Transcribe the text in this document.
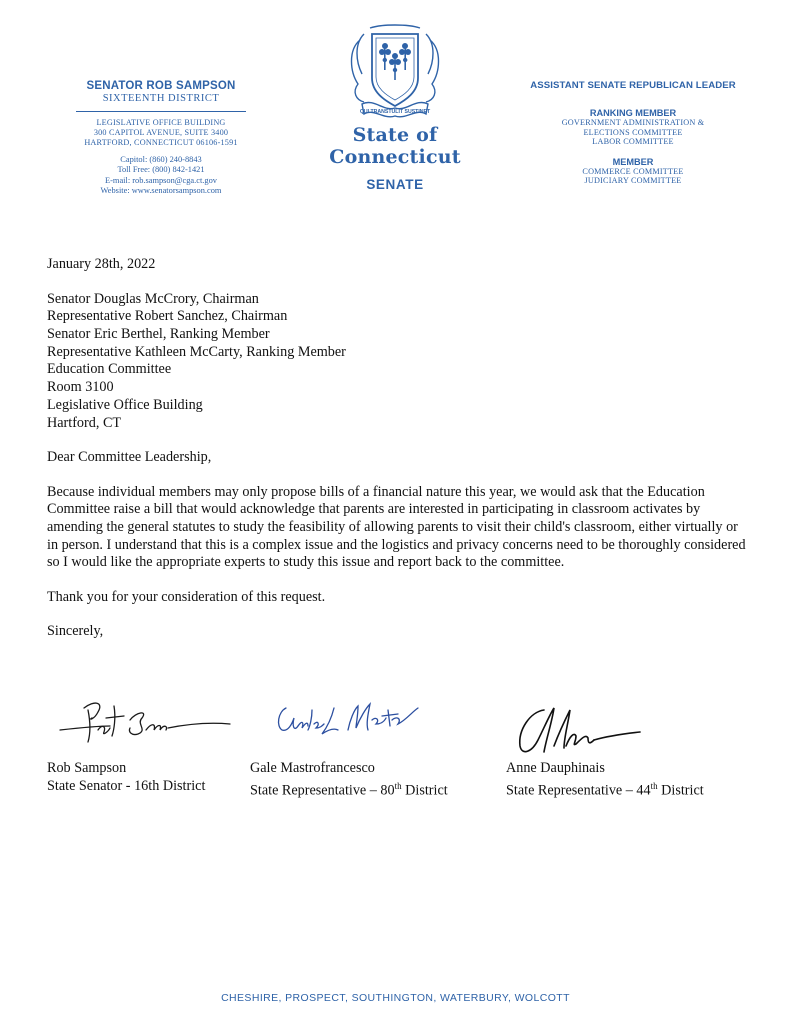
SENATOR ROB SAMPSON
SIXTEENTH DISTRICT
LEGISLATIVE OFFICE BUILDING
300 CAPITOL AVENUE, SUITE 3400
HARTFORD, CONNECTICUT 06106-1591
Capitol: (860) 240-8843
Toll Free: (800) 842-1421
E-mail: rob.sampson@cga.ct.gov
Website: www.senatorsampson.com
QUI TRANSTULIT SUSTINET
State of Connecticut
SENATE
ASSISTANT SENATE REPUBLICAN LEADER
RANKING MEMBER
GOVERNMENT ADMINISTRATION &
ELECTIONS COMMITTEE
LABOR COMMITTEE
MEMBER
COMMERCE COMMITTEE
JUDICIARY COMMITTEE

January 28th, 2022

Senator Douglas McCrory, Chairman
Representative Robert Sanchez, Chairman
Senator Eric Berthel, Ranking Member
Representative Kathleen McCarty, Ranking Member
Education Committee
Room 3100
Legislative Office Building
Hartford, CT

Dear Committee Leadership,

Because individual members may only propose bills of a financial nature this year, we would ask that the Education Committee raise a bill that would acknowledge that parents are interested in participating in classroom activates by amending the general statutes to study the feasibility of allowing parents to visit their child's classroom, either virtually or in person. I understand that this is a complex issue and the logistics and privacy concerns need to be thoroughly considered so I would like the appropriate experts to study this issue and report back to the committee.

Thank you for your consideration of this request.

Sincerely,

Rob Sampson
State Senator - 16th District
Gale Mastrofrancesco
State Representative – 80th District
Anne Dauphinais
State Representative – 44th District
CHESHIRE, PROSPECT, SOUTHINGTON, WATERBURY, WOLCOTT
